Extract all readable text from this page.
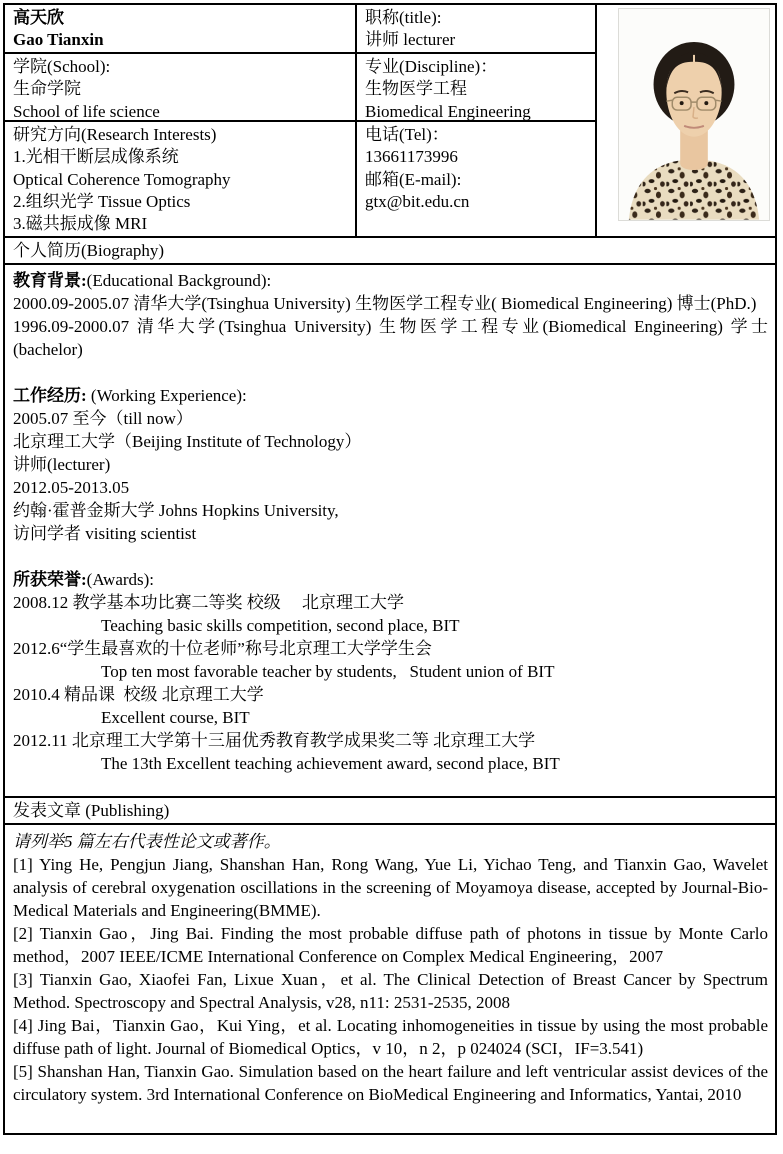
高天欣
Gao Tianxin
职称(title):
讲师 lecturer
学院(School):
生命学院
School of life science
专业(Discipline)：
生物医学工程
Biomedical Engineering
研究方向(Research Interests)
1.光相干断层成像系统
Optical Coherence Tomography
2.组织光学 Tissue Optics
3.磁共振成像 MRI
电话(Tel)：
13661173996
邮箱(E-mail):
gtx@bit.edu.cn
个人简历(Biography)

教育背景:(Educational Background):

2000.09-2005.07 清华大学(Tsinghua University) 生物医学工程专业( Biomedical Engineering) 博士(PhD.)

1996.09-2000.07 清华大学(Tsinghua University) 生物医学工程专业(Biomedical Engineering) 学士(bachelor)

工作经历: (Working Experience):

2005.07 至今（till now）

北京理工大学（Beijing Institute of Technology）

讲师(lecturer)

2012.05-2013.05

约翰·霍普金斯大学 Johns Hopkins University,

访问学者 visiting scientist

所获荣誉:(Awards):

2008.12 教学基本功比赛二等奖 校级     北京理工大学

Teaching basic skills competition, second place, BIT

2012.6“学生最喜欢的十位老师”称号北京理工大学学生会

Top ten most favorable teacher by students,   Student union of BIT

2010.4 精品课  校级 北京理工大学

Excellent course, BIT

2012.11 北京理工大学第十三届优秀教育教学成果奖二等 北京理工大学

The 13th Excellent teaching achievement award, second place, BIT

发表文章 (Publishing)

请列举5 篇左右代表性论文或著作。

[1] Ying He, Pengjun Jiang, Shanshan Han, Rong Wang, Yue Li, Yichao Teng, and Tianxin Gao, Wavelet analysis of cerebral oxygenation oscillations in the screening of Moyamoya disease, accepted by Journal-Bio-Medical Materials and Engineering(BMME).

[2] Tianxin Gao，Jing Bai. Finding the most probable diffuse path of photons in tissue by Monte Carlo method，2007 IEEE/ICME International Conference on Complex Medical Engineering，2007

[3] Tianxin Gao, Xiaofei Fan, Lixue Xuan，et al. The Clinical Detection of Breast Cancer by Spectrum Method. Spectroscopy and Spectral Analysis, v28, n11: 2531-2535, 2008

[4] Jing Bai，Tianxin Gao，Kui Ying，et al. Locating inhomogeneities in tissue by using the most probable diffuse path of light. Journal of Biomedical Optics，v 10，n 2，p 024024 (SCI，IF=3.541)

[5] Shanshan Han, Tianxin Gao. Simulation based on the heart failure and left ventricular assist devices of the circulatory system. 3rd International Conference on BioMedical Engineering and Informatics, Yantai, 2010
